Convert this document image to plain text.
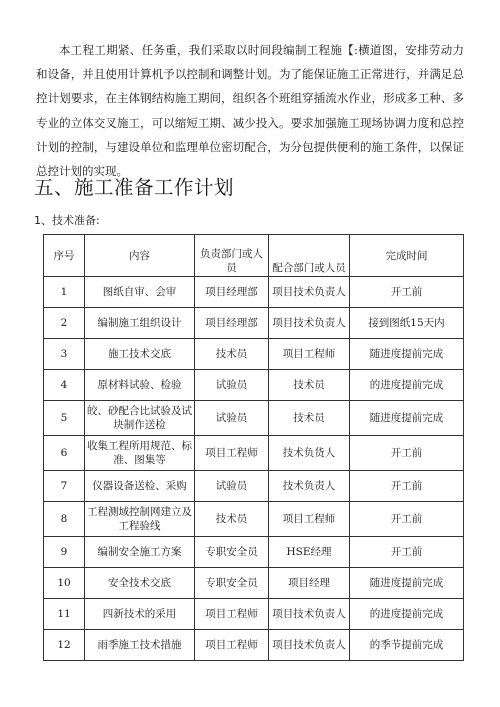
本工程工期紧、任务重，我们采取以时间段编制工程施【:横道图，安排劳动力和设备，并且使用计算机予以控制和调整计划。为了能保证施工正常进行，并满足总控计划要求，在主体钢结构施工期间，组织各个班组穿插流水作业，形成多工种、多专业的立体交叉施工，可以缩短工期、减少投入。要求加强施工现场协调力度和总控计划的控制，与建设单位和监理单位密切配合，为分包提供便利的施工条件，以保证总控计划的实现。

五、施工准备工作计划
1、技术准备:
序号	内容	负责部门或人员	配合部门或人员	完成时间
1	图纸自审、会审	项目经理部	项目技术负责人	开工前
2	编制施工组织设计	项目经理部	项目技术负责人	接到图纸15天内
3	施工技术交底	技术员	项目工程师	随进度提前完成
4	原材料试验、检验	试验员	技术员	的进度提前完成
5	皎、砂配合比试验及试块制作送检	试验员	技术员	随进度提前完成
6	收集工程所用规范、标准、图集等	项目工程师	技术负货人	开工前
7	仪器设备送检、采购	试验员	技术负责人	开工前
8	工程测域控制网建立及工程验线	技术员	项目工程师	开工前
9	编制安全施工方案	专职安全员	HSE经理	开工前
10	安全技术交底	专职安全员	项目经理	随进度提前完成
11	四新技术的采用	项目工程师	项目技术负责人	的进度提前完成
12	雨季施工技术措施	项目工程师	项目技术负责人	的季节提前完成
